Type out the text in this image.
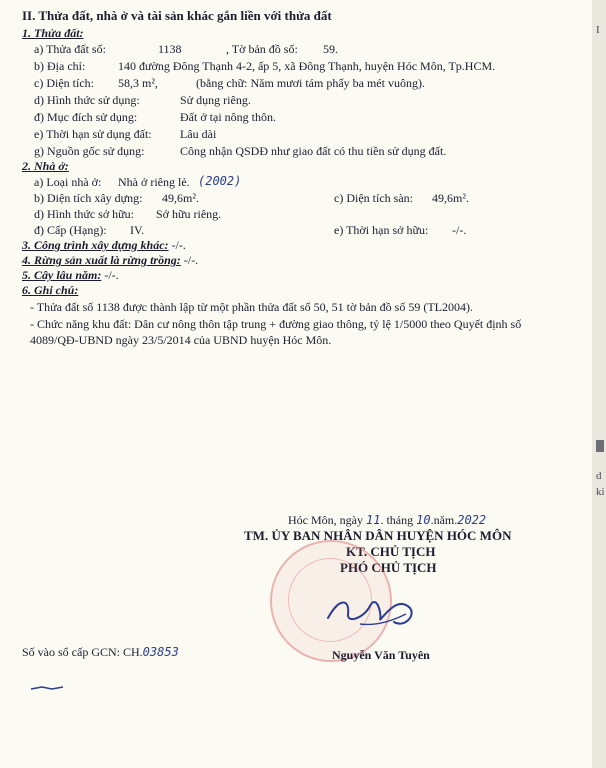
II. Thửa đất, nhà ở và tài sản khác gắn liền với thửa đất
1. Thửa đất:
a) Thửa đất số:	1138	, Tờ bản đồ số: 59.
b) Địa chỉ:	140 đường Đông Thạnh 4-2, ấp 5, xã Đông Thạnh, huyện Hóc Môn, Tp.HCM.
c) Diện tích: 58,3 m²,	(bằng chữ: Năm mươi tám phẩy ba mét vuông).
d) Hình thức sử dụng:	Sử dụng riêng.
đ) Mục đích sử dụng:	Đất ở tại nông thôn.
e) Thời hạn sử dụng đất: Lâu dài
g) Nguồn gốc sử dụng:	Công nhận QSDĐ như giao đất có thu tiền sử dụng đất.
2. Nhà ở:
a) Loại nhà ở: Nhà ở riêng lẻ. (2002)
b) Diện tích xây dựng: 49,6m².	c) Diện tích sàn: 49,6m².
d) Hình thức sở hữu: Sở hữu riêng.
đ) Cấp (Hạng): IV.	e) Thời hạn sở hữu: -/-.
3. Công trình xây dựng khác: -/-.
4. Rừng sản xuất là rừng trồng: -/-.
5. Cây lâu năm: -/-.
6. Ghi chú:
- Thửa đất số 1138 được thành lập từ một phần thửa đất số 50, 51 tờ bản đồ số 59 (TL2004).
- Chức năng khu đất: Dân cư nông thôn tập trung + đường giao thông, tỷ lệ 1/5000 theo Quyết định số
4089/QĐ-UBND ngày 23/5/2014 của UBND huyện Hóc Môn.
Hóc Môn, ngày 11. tháng 10.năm.2022
TM. ỦY BAN NHÂN DÂN HUYỆN HÓC MÔN
KT. CHỦ TỊCH
PHÓ CHỦ TỊCH
Nguyễn Văn Tuyên
Số vào sổ cấp GCN: CH.03853
I
d
ki
